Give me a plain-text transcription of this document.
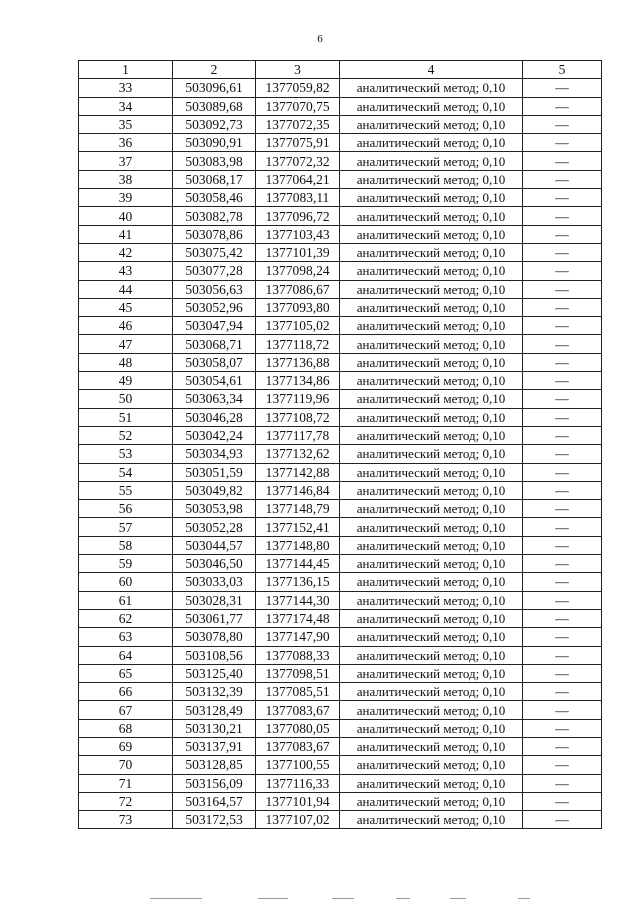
6
1	2	3	4	5
33	503096,61	1377059,82	аналитический метод; 0,10	—
34	503089,68	1377070,75	аналитический метод; 0,10	—
35	503092,73	1377072,35	аналитический метод; 0,10	—
36	503090,91	1377075,91	аналитический метод; 0,10	—
37	503083,98	1377072,32	аналитический метод; 0,10	—
38	503068,17	1377064,21	аналитический метод; 0,10	—
39	503058,46	1377083,11	аналитический метод; 0,10	—
40	503082,78	1377096,72	аналитический метод; 0,10	—
41	503078,86	1377103,43	аналитический метод; 0,10	—
42	503075,42	1377101,39	аналитический метод; 0,10	—
43	503077,28	1377098,24	аналитический метод; 0,10	—
44	503056,63	1377086,67	аналитический метод; 0,10	—
45	503052,96	1377093,80	аналитический метод; 0,10	—
46	503047,94	1377105,02	аналитический метод; 0,10	—
47	503068,71	1377118,72	аналитический метод; 0,10	—
48	503058,07	1377136,88	аналитический метод; 0,10	—
49	503054,61	1377134,86	аналитический метод; 0,10	—
50	503063,34	1377119,96	аналитический метод; 0,10	—
51	503046,28	1377108,72	аналитический метод; 0,10	—
52	503042,24	1377117,78	аналитический метод; 0,10	—
53	503034,93	1377132,62	аналитический метод; 0,10	—
54	503051,59	1377142,88	аналитический метод; 0,10	—
55	503049,82	1377146,84	аналитический метод; 0,10	—
56	503053,98	1377148,79	аналитический метод; 0,10	—
57	503052,28	1377152,41	аналитический метод; 0,10	—
58	503044,57	1377148,80	аналитический метод; 0,10	—
59	503046,50	1377144,45	аналитический метод; 0,10	—
60	503033,03	1377136,15	аналитический метод; 0,10	—
61	503028,31	1377144,30	аналитический метод; 0,10	—
62	503061,77	1377174,48	аналитический метод; 0,10	—
63	503078,80	1377147,90	аналитический метод; 0,10	—
64	503108,56	1377088,33	аналитический метод; 0,10	—
65	503125,40	1377098,51	аналитический метод; 0,10	—
66	503132,39	1377085,51	аналитический метод; 0,10	—
67	503128,49	1377083,67	аналитический метод; 0,10	—
68	503130,21	1377080,05	аналитический метод; 0,10	—
69	503137,91	1377083,67	аналитический метод; 0,10	—
70	503128,85	1377100,55	аналитический метод; 0,10	—
71	503156,09	1377116,33	аналитический метод; 0,10	—
72	503164,57	1377101,94	аналитический метод; 0,10	—
73	503172,53	1377107,02	аналитический метод; 0,10	—
